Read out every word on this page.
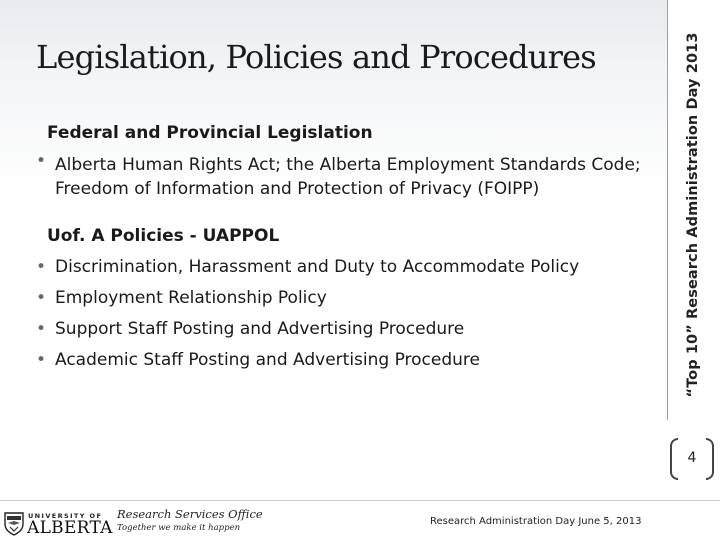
Legislation, Policies and Procedures	“Top 10” Research Administration Day 2013
Federal and Provincial Legislation
• Alberta Human Rights Act; the Alberta Employment Standards Code; Freedom of Information and Protection of Privacy (FOIPP)
Uof. A Policies - UAPPOL
• Discrimination, Harassment and Duty to Accommodate Policy
• Employment Relationship Policy
• Support Staff Posting and Advertising Procedure
• Academic Staff Posting and Advertising Procedure
4
UNIVERSITY OF
ALBERTA
Research Services Office
Together we make it happen
Research Administration Day June 5, 2013
